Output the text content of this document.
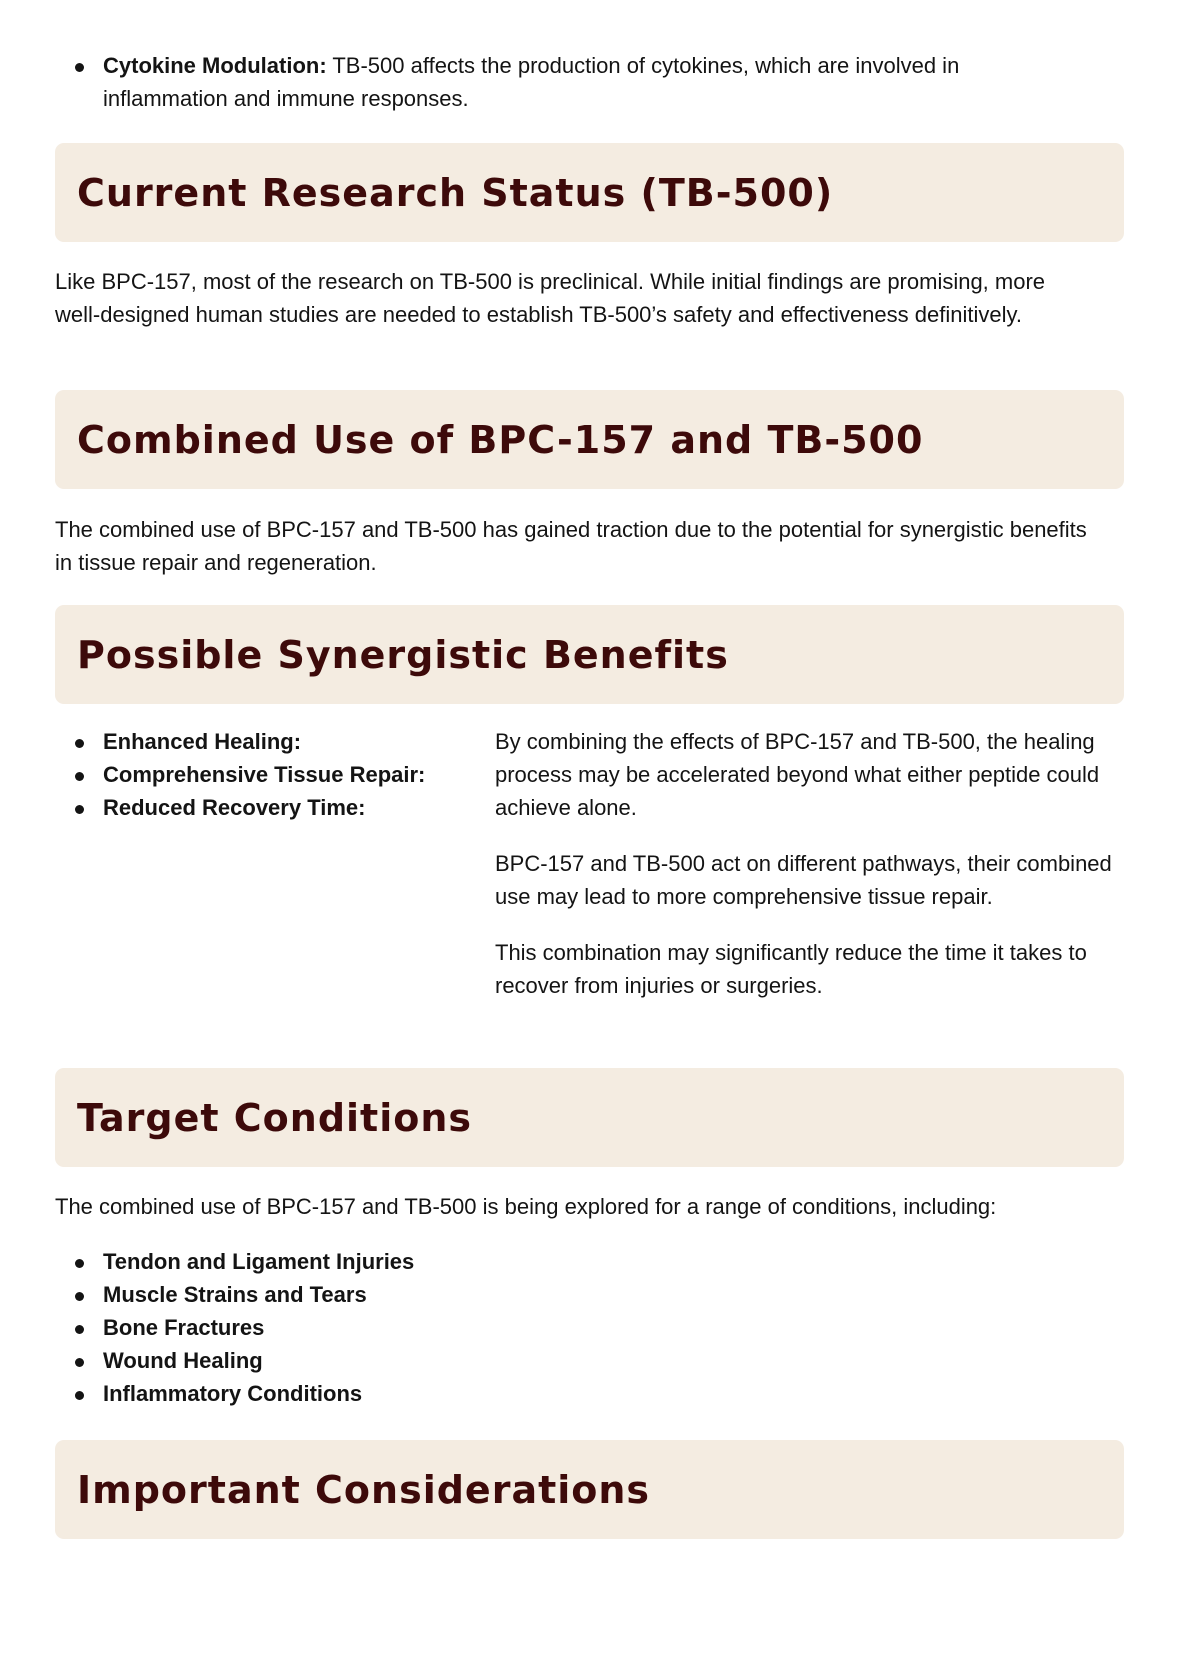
Cytokine Modulation: TB-500 affects the production of cytokines, which are involved in inflammation and immune responses.
Current Research Status (TB-500)

Like BPC-157, most of the research on TB-500 is preclinical. While initial findings are promising, more well-designed human studies are needed to establish TB-500’s safety and effectiveness definitively.

Combined Use of BPC-157 and TB-500

The combined use of BPC-157 and TB-500 has gained traction due to the potential for synergistic benefits in tissue repair and regeneration.

Possible Synergistic Benefits
Enhanced Healing:
Comprehensive Tissue Repair:
Reduced Recovery Time:

By combining the effects of BPC-157 and TB-500, the healing process may be accelerated beyond what either peptide could achieve alone.

BPC-157 and TB-500 act on different pathways, their combined use may lead to more comprehensive tissue repair.

This combination may significantly reduce the time it takes to recover from injuries or surgeries.

Target Conditions

The combined use of BPC-157 and TB-500 is being explored for a range of conditions, including:

Tendon and Ligament Injuries
Muscle Strains and Tears
Bone Fractures
Wound Healing
Inflammatory Conditions
Important Considerations
